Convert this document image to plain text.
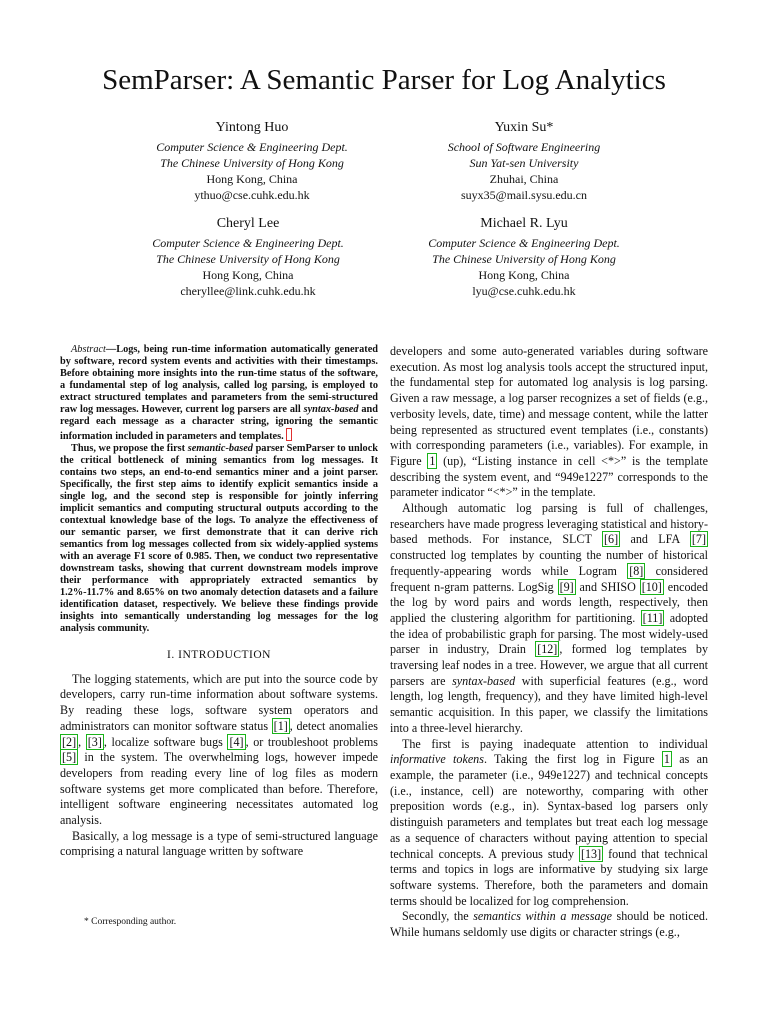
SemParser: A Semantic Parser for Log Analytics
Yintong Huo
Computer Science & Engineering Dept.
The Chinese University of Hong Kong
Hong Kong, China
ythuo@cse.cuhk.edu.hk
Yuxin Su*
School of Software Engineering
Sun Yat-sen University
Zhuhai, China
suyx35@mail.sysu.edu.cn
Cheryl Lee
Computer Science & Engineering Dept.
The Chinese University of Hong Kong
Hong Kong, China
cheryllee@link.cuhk.edu.hk
Michael R. Lyu
Computer Science & Engineering Dept.
The Chinese University of Hong Kong
Hong Kong, China
lyu@cse.cuhk.edu.hk

Abstract—Logs, being run-time information automatically generated by software, record system events and activities with their timestamps. Before obtaining more insights into the run-time status of the software, a fundamental step of log analysis, called log parsing, is employed to extract structured templates and parameters from the semi-structured raw log messages. However, current log parsers are all syntax-based and regard each message as a character string, ignoring the semantic information included in parameters and templates.

Thus, we propose the first semantic-based parser SemParser to unlock the critical bottleneck of mining semantics from log messages. It contains two steps, an end-to-end semantics miner and a joint parser. Specifically, the first step aims to identify explicit semantics inside a single log, and the second step is responsible for jointly inferring implicit semantics and computing structural outputs according to the contextual knowledge base of the logs. To analyze the effectiveness of our semantic parser, we first demonstrate that it can derive rich semantics from log messages collected from six widely-applied systems with an average F1 score of 0.985. Then, we conduct two representative downstream tasks, showing that current downstream models improve their performance with appropriately extracted semantics by 1.2%-11.7% and 8.65% on two anomaly detection datasets and a failure identification dataset, respectively. We believe these findings provide insights into semantically understanding log messages for the log analysis community.

I. INTRODUCTION

The logging statements, which are put into the source code by developers, carry run-time information about software systems. By reading these logs, software system operators and administrators can monitor software status [1] , detect anomalies [2] , [3] , localize software bugs [4] , or troubleshoot problems [5] in the system. The overwhelming logs, however impede developers from reading every line of log files as modern software systems get more complicated than before. Therefore, intelligent software engineering necessitates automated log analysis.

Basically, a log message is a type of semi-structured language comprising a natural language written by software

developers and some auto-generated variables during software execution. As most log analysis tools accept the structured input, the fundamental step for automated log analysis is log parsing. Given a raw message, a log parser recognizes a set of fields (e.g., verbosity levels, date, time) and message content, while the latter being represented as structured event templates (i.e., constants) with corresponding parameters (i.e., variables). For example, in Figure 1 (up), “Listing instance in cell <*>” is the template describing the system event, and “949e1227” corresponds to the parameter indicator “<*>” in the template.

Although automatic log parsing is full of challenges, researchers have made progress leveraging statistical and history-based methods. For instance, SLCT [6] and LFA [7] constructed log templates by counting the number of historical frequently-appearing words while Logram [8] considered frequent n-gram patterns. LogSig [9] and SHISO [10] encoded the log by word pairs and words length, respectively, then applied the clustering algorithm for partitioning. [11] adopted the idea of probabilistic graph for parsing. The most widely-used parser in industry, Drain [12] , formed log templates by traversing leaf nodes in a tree. However, we argue that all current parsers are syntax-based with superficial features (e.g., word length, log length, frequency), and they have limited high-level semantic acquisition. In this paper, we classify the limitations into a three-level hierarchy.

The first is paying inadequate attention to individual informative tokens. Taking the first log in Figure 1 as an example, the parameter (i.e., 949e1227) and technical concepts (i.e., instance, cell) are noteworthy, comparing with other preposition words (e.g., in). Syntax-based log parsers only distinguish parameters and templates but treat each log message as a sequence of characters without paying attention to special technical concepts. A previous study [13] found that technical terms and topics in logs are informative by studying six large software systems. Therefore, both the parameters and domain terms should be localized for log comprehension.

Secondly, the semantics within a message should be noticed. While humans seldomly use digits or character strings (e.g.,

* Corresponding author.
